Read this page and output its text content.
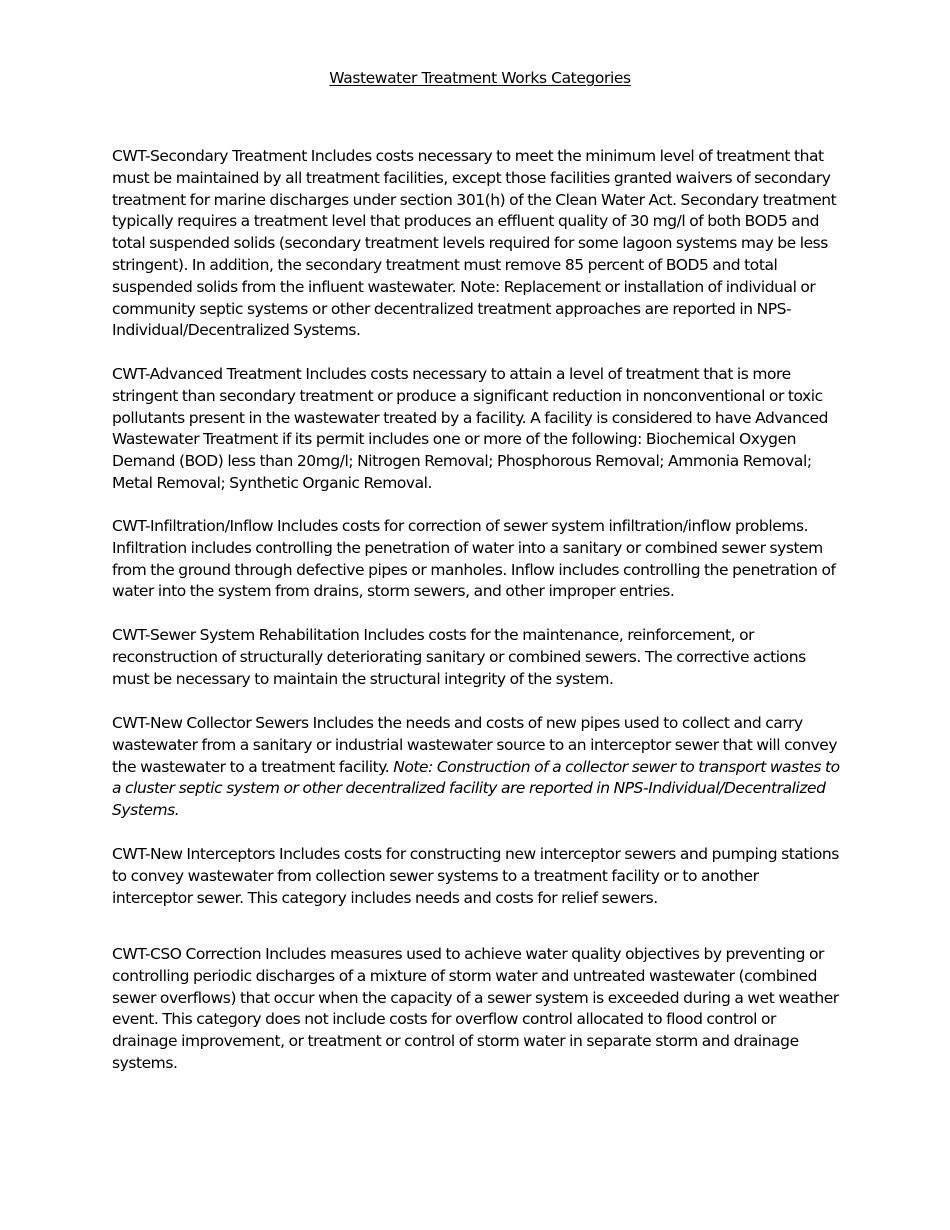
Wastewater Treatment Works Categories

CWT-Secondary Treatment Includes costs necessary to meet the minimum level of treatment that must be maintained by all treatment facilities, except those facilities granted waivers of secondary treatment for marine discharges under section 301(h) of the Clean Water Act. Secondary treatment typically requires a treatment level that produces an effluent quality of 30 mg/l of both BOD5 and total suspended solids (secondary treatment levels required for some lagoon systems may be less stringent). In addition, the secondary treatment must remove 85 percent of BOD5 and total suspended solids from the influent wastewater. Note: Replacement or installation of individual or community septic systems or other decentralized treatment approaches are reported in NPS-Individual/Decentralized Systems.

CWT-Advanced Treatment Includes costs necessary to attain a level of treatment that is more stringent than secondary treatment or produce a significant reduction in nonconventional or toxic pollutants present in the wastewater treated by a facility. A facility is considered to have Advanced Wastewater Treatment if its permit includes one or more of the following: Biochemical Oxygen Demand (BOD) less than 20mg/l; Nitrogen Removal; Phosphorous Removal; Ammonia Removal; Metal Removal; Synthetic Organic Removal.

CWT-Infiltration/Inflow Includes costs for correction of sewer system infiltration/inflow problems. Infiltration includes controlling the penetration of water into a sanitary or combined sewer system from the ground through defective pipes or manholes. Inflow includes controlling the penetration of water into the system from drains, storm sewers, and other improper entries.

CWT-Sewer System Rehabilitation Includes costs for the maintenance, reinforcement, or reconstruction of structurally deteriorating sanitary or combined sewers. The corrective actions must be necessary to maintain the structural integrity of the system.

CWT-New Collector Sewers Includes the needs and costs of new pipes used to collect and carry wastewater from a sanitary or industrial wastewater source to an interceptor sewer that will convey the wastewater to a treatment facility. Note: Construction of a collector sewer to transport wastes to a cluster septic system or other decentralized facility are reported in NPS-Individual/Decentralized Systems.

CWT-New Interceptors Includes costs for constructing new interceptor sewers and pumping stations to convey wastewater from collection sewer systems to a treatment facility or to another interceptor sewer. This category includes needs and costs for relief sewers.

CWT-CSO Correction Includes measures used to achieve water quality objectives by preventing or controlling periodic discharges of a mixture of storm water and untreated wastewater (combined sewer overflows) that occur when the capacity of a sewer system is exceeded during a wet weather event. This category does not include costs for overflow control allocated to flood control or drainage improvement, or treatment or control of storm water in separate storm and drainage systems.
